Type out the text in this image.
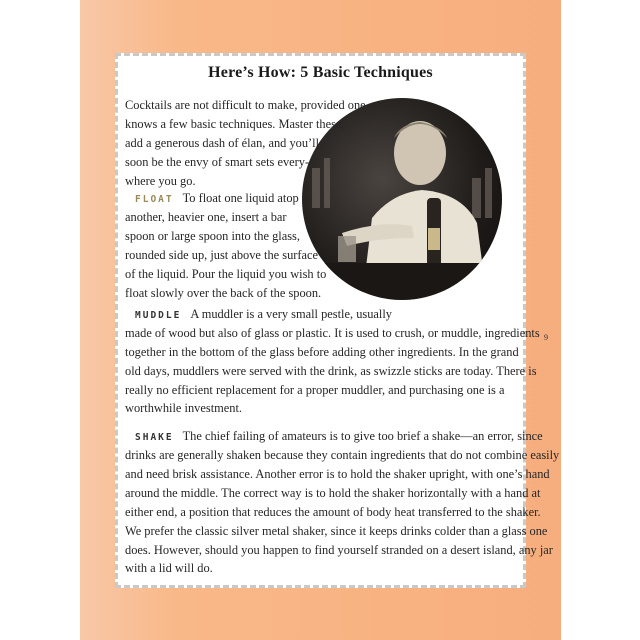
Here’s How: 5 Basic Techniques
Cocktails are not difficult to make, provided one
knows a few basic techniques. Master these,
add a generous dash of élan, and you’ll
soon be the envy of smart sets every-
where you go.
FLOAT To float one liquid atop
another, heavier one, insert a bar
spoon or large spoon into the glass,
rounded side up, just above the surface
of the liquid. Pour the liquid you wish to
float slowly over the back of the spoon.
MUDDLE A muddler is a very small pestle, usually
made of wood but also of glass or plastic. It is used to crush, or muddle, ingredients
together in the bottom of the glass before adding other ingredients. In the grand
old days, muddlers were served with the drink, as swizzle sticks are today. There is
really no efficient replacement for a proper muddler, and purchasing one is a
worthwhile investment.
SHAKE The chief failing of amateurs is to give too brief a shake—an error, since
drinks are generally shaken because they contain ingredients that do not combine easily
and need brisk assistance. Another error is to hold the shaker upright, with one’s hand
around the middle. The correct way is to hold the shaker horizontally with a hand at
either end, a position that reduces the amount of body heat transferred to the shaker.
We prefer the classic silver metal shaker, since it keeps drinks colder than a glass one
does. However, should you happen to find yourself stranded on a desert island, any jar
with a lid will do.
9
